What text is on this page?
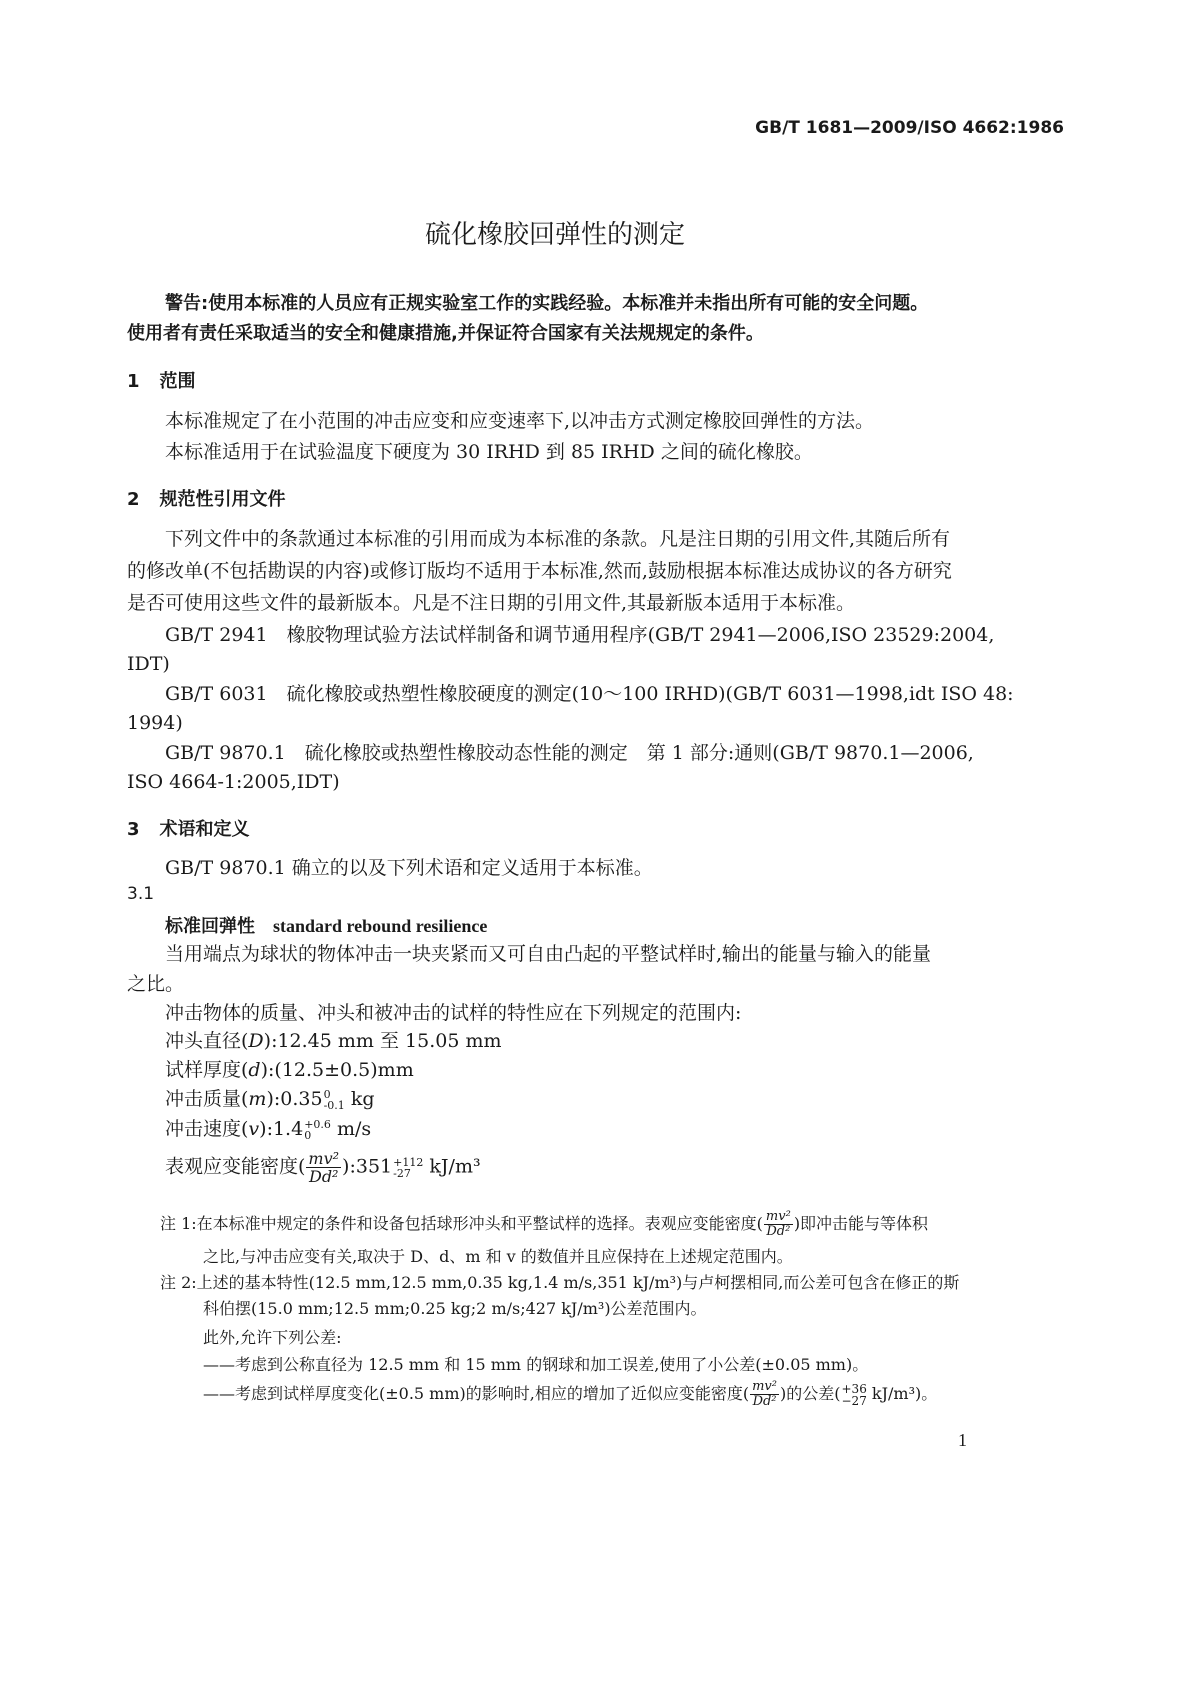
GB/T 1681—2009/ISO 4662:1986
硫化橡胶回弹性的测定
警告:使用本标准的人员应有正规实验室工作的实践经验。本标准并未指出所有可能的安全问题。
使用者有责任采取适当的安全和健康措施,并保证符合国家有关法规规定的条件。
1 范围
本标准规定了在小范围的冲击应变和应变速率下,以冲击方式测定橡胶回弹性的方法。
本标准适用于在试验温度下硬度为 30 IRHD 到 85 IRHD 之间的硫化橡胶。
2 规范性引用文件
下列文件中的条款通过本标准的引用而成为本标准的条款。凡是注日期的引用文件,其随后所有
的修改单(不包括勘误的内容)或修订版均不适用于本标准,然而,鼓励根据本标准达成协议的各方研究
是否可使用这些文件的最新版本。凡是不注日期的引用文件,其最新版本适用于本标准。
GB/T 2941　橡胶物理试验方法试样制备和调节通用程序(GB/T 2941—2006,ISO 23529:2004,
IDT)
GB/T 6031　硫化橡胶或热塑性橡胶硬度的测定(10～100 IRHD)(GB/T 6031—1998,idt ISO 48:
1994)
GB/T 9870.1　硫化橡胶或热塑性橡胶动态性能的测定　第 1 部分:通则(GB/T 9870.1—2006,
ISO 4664-1:2005,IDT)
3 术语和定义
GB/T 9870.1 确立的以及下列术语和定义适用于本标准。
3.1
标准回弹性 standard rebound resilience
当用端点为球状的物体冲击一块夹紧而又可自由凸起的平整试样时,输出的能量与输入的能量
之比。
冲击物体的质量、冲头和被冲击的试样的特性应在下列规定的范围内:
冲头直径(D):12.45 mm 至 15.05 mm
试样厚度(d):(12.5±0.5)mm
冲击质量(m):0.35 0
-0.1 kg
冲击速度(v):1.4 +0.6
0	m/s
表观应变能密度( $\frac{\text{mv²}}{\text{Dd²}}$ ):351 +112
-27 kJ/m³
注 1:在本标准中规定的条件和设备包括球形冲头和平整试样的选择。表观应变能密度( $\frac{\text{mv²}}{\text{Dd²}}$ )即冲击能与等体积
之比,与冲击应变有关,取决于 D、d、m 和 v 的数值并且应保持在上述规定范围内。
注 2:上述的基本特性(12.5 mm,12.5 mm,0.35 kg,1.4 m/s,351 kJ/m³)与卢柯摆相同,而公差可包含在修正的斯
科伯摆(15.0 mm;12.5 mm;0.25 kg;2 m/s;427 kJ/m³)公差范围内。
此外,允许下列公差:
——考虑到公称直径为 12.5 mm 和 15 mm 的钢球和加工误差,使用了小公差(±0.05 mm)。
——考虑到试样厚度变化(±0.5 mm)的影响时,相应的增加了近似应变能密度( $\frac{\text{mv²}}{\text{Dd²}}$ )的公差( +36
−27 kJ/m³)。
1
